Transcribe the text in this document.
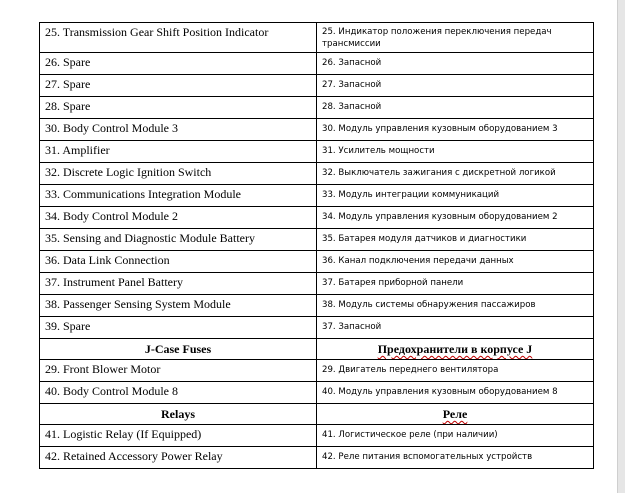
25. Transmission Gear Shift Position Indicator	25. Индикатор положения переключения передач трансмиссии
26. Spare	26. Запасной
27. Spare	27. Запасной
28. Spare	28. Запасной
30. Body Control Module 3	30. Модуль управления кузовным оборудованием 3
31. Amplifier	31. Усилитель мощности
32. Discrete Logic Ignition Switch	32. Выключатель зажигания с дискретной логикой
33. Communications Integration Module	33. Модуль интеграции коммуникаций
34. Body Control Module 2	34. Модуль управления кузовным оборудованием 2
35. Sensing and Diagnostic Module Battery	35. Батарея модуля датчиков и диагностики
36. Data Link Connection	36. Канал подключения передачи данных
37. Instrument Panel Battery	37. Батарея приборной панели
38. Passenger Sensing System Module	38. Модуль системы обнаружения пассажиров
39. Spare	37. Запасной
J-Case Fuses	Предохранители в корпусе J
29. Front Blower Motor	29. Двигатель переднего вентилятора
40. Body Control Module 8	40. Модуль управления кузовным оборудованием 8
Relays	Реле
41. Logistic Relay (If Equipped)	41. Логистическое реле (при наличии)
42. Retained Accessory Power Relay	42. Реле питания вспомогательных устройств
